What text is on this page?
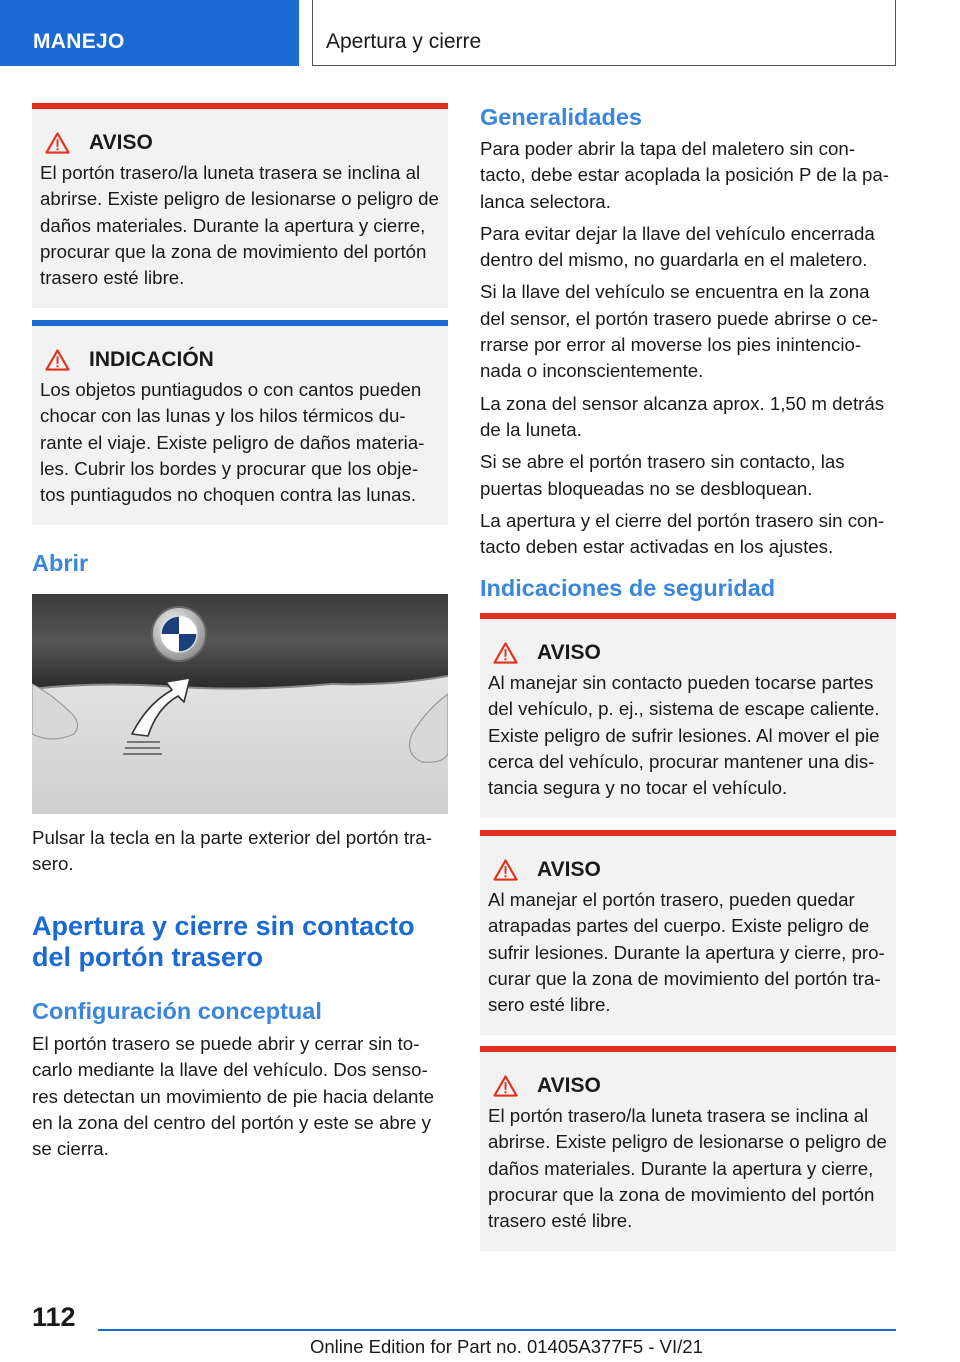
MANEJO	Apertura y cierre
AVISO
El portón trasero/la luneta trasera se inclina al abrirse. Existe peligro de lesionarse o peligro de daños materiales. Durante la apertura y cierre, procurar que la zona de movimiento del portón trasero esté libre.
INDICACIÓN
Los objetos puntiagudos o con cantos pueden chocar con las lunas y los hilos térmicos du-rante el viaje. Existe peligro de daños materia-les. Cubrir los bordes y procurar que los obje-tos puntiagudos no choquen contra las lunas.
Abrir
Pulsar la tecla en la parte exterior del portón tra-sero.
Apertura y cierre sin contacto del portón trasero
Configuración conceptual
El portón trasero se puede abrir y cerrar sin to-carlo mediante la llave del vehículo. Dos senso-res detectan un movimiento de pie hacia delante en la zona del centro del portón y este se abre y se cierra.
Generalidades
Para poder abrir la tapa del maletero sin con-tacto, debe estar acoplada la posición P de la pa-lanca selectora.
Para evitar dejar la llave del vehículo encerrada dentro del mismo, no guardarla en el maletero.
Si la llave del vehículo se encuentra en la zona del sensor, el portón trasero puede abrirse o ce-rrarse por error al moverse los pies inintencio-nada o inconscientemente.
La zona del sensor alcanza aprox. 1,50 m detrás de la luneta.
Si se abre el portón trasero sin contacto, las puertas bloqueadas no se desbloquean.
La apertura y el cierre del portón trasero sin con-tacto deben estar activadas en los ajustes.
Indicaciones de seguridad
AVISO
Al manejar sin contacto pueden tocarse partes del vehículo, p. ej., sistema de escape caliente. Existe peligro de sufrir lesiones. Al mover el pie cerca del vehículo, procurar mantener una dis-tancia segura y no tocar el vehículo.
AVISO
Al manejar el portón trasero, pueden quedar atrapadas partes del cuerpo. Existe peligro de sufrir lesiones. Durante la apertura y cierre, pro-curar que la zona de movimiento del portón tra-sero esté libre.
AVISO
El portón trasero/la luneta trasera se inclina al abrirse. Existe peligro de lesionarse o peligro de daños materiales. Durante la apertura y cierre, procurar que la zona de movimiento del portón trasero esté libre.
112
Online Edition for Part no. 01405A377F5 - VI/21
